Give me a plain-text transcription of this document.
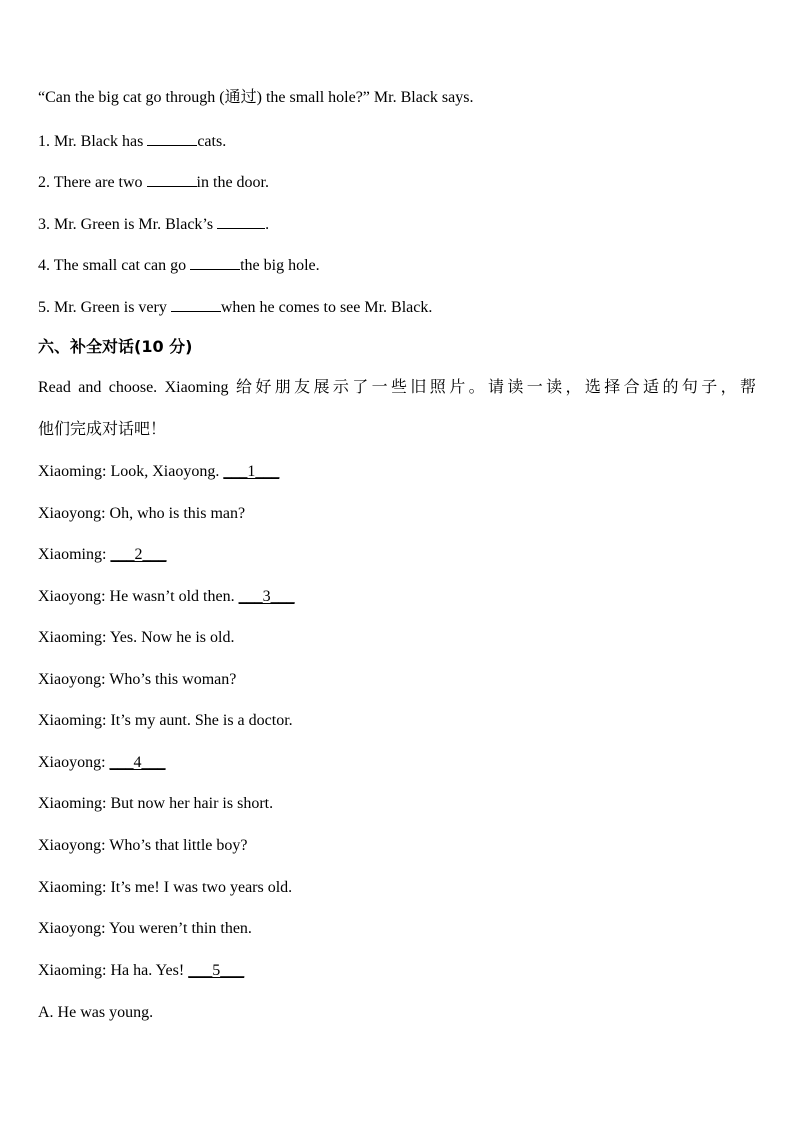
“Can the big cat go through (通过) the small hole?” Mr. Black says.
1. Mr. Black has	cats.
2. There are two	in the door.
3. Mr. Green is Mr. Black’s	.
4. The small cat can go	the big hole.
5. Mr. Green is very	when he comes to see Mr. Black.
六、补全对话(10 分)
Read and choose. Xiaoming 给好朋友展示了一些旧照片。请读一读，选择合适的句子，帮
他们完成对话吧！
Xiaoming: Look, Xiaoyong. ___1___
Xiaoyong: Oh, who is this man?
Xiaoming: ___2___
Xiaoyong: He wasn’t old then. ___3___
Xiaoming: Yes. Now he is old.
Xiaoyong: Who’s this woman?
Xiaoming: It’s my aunt. She is a doctor.
Xiaoyong: ___4___
Xiaoming: But now her hair is short.
Xiaoyong: Who’s that little boy?
Xiaoming: It’s me! I was two years old.
Xiaoyong: You weren’t thin then.
Xiaoming: Ha ha. Yes! ___5___
A. He was young.
